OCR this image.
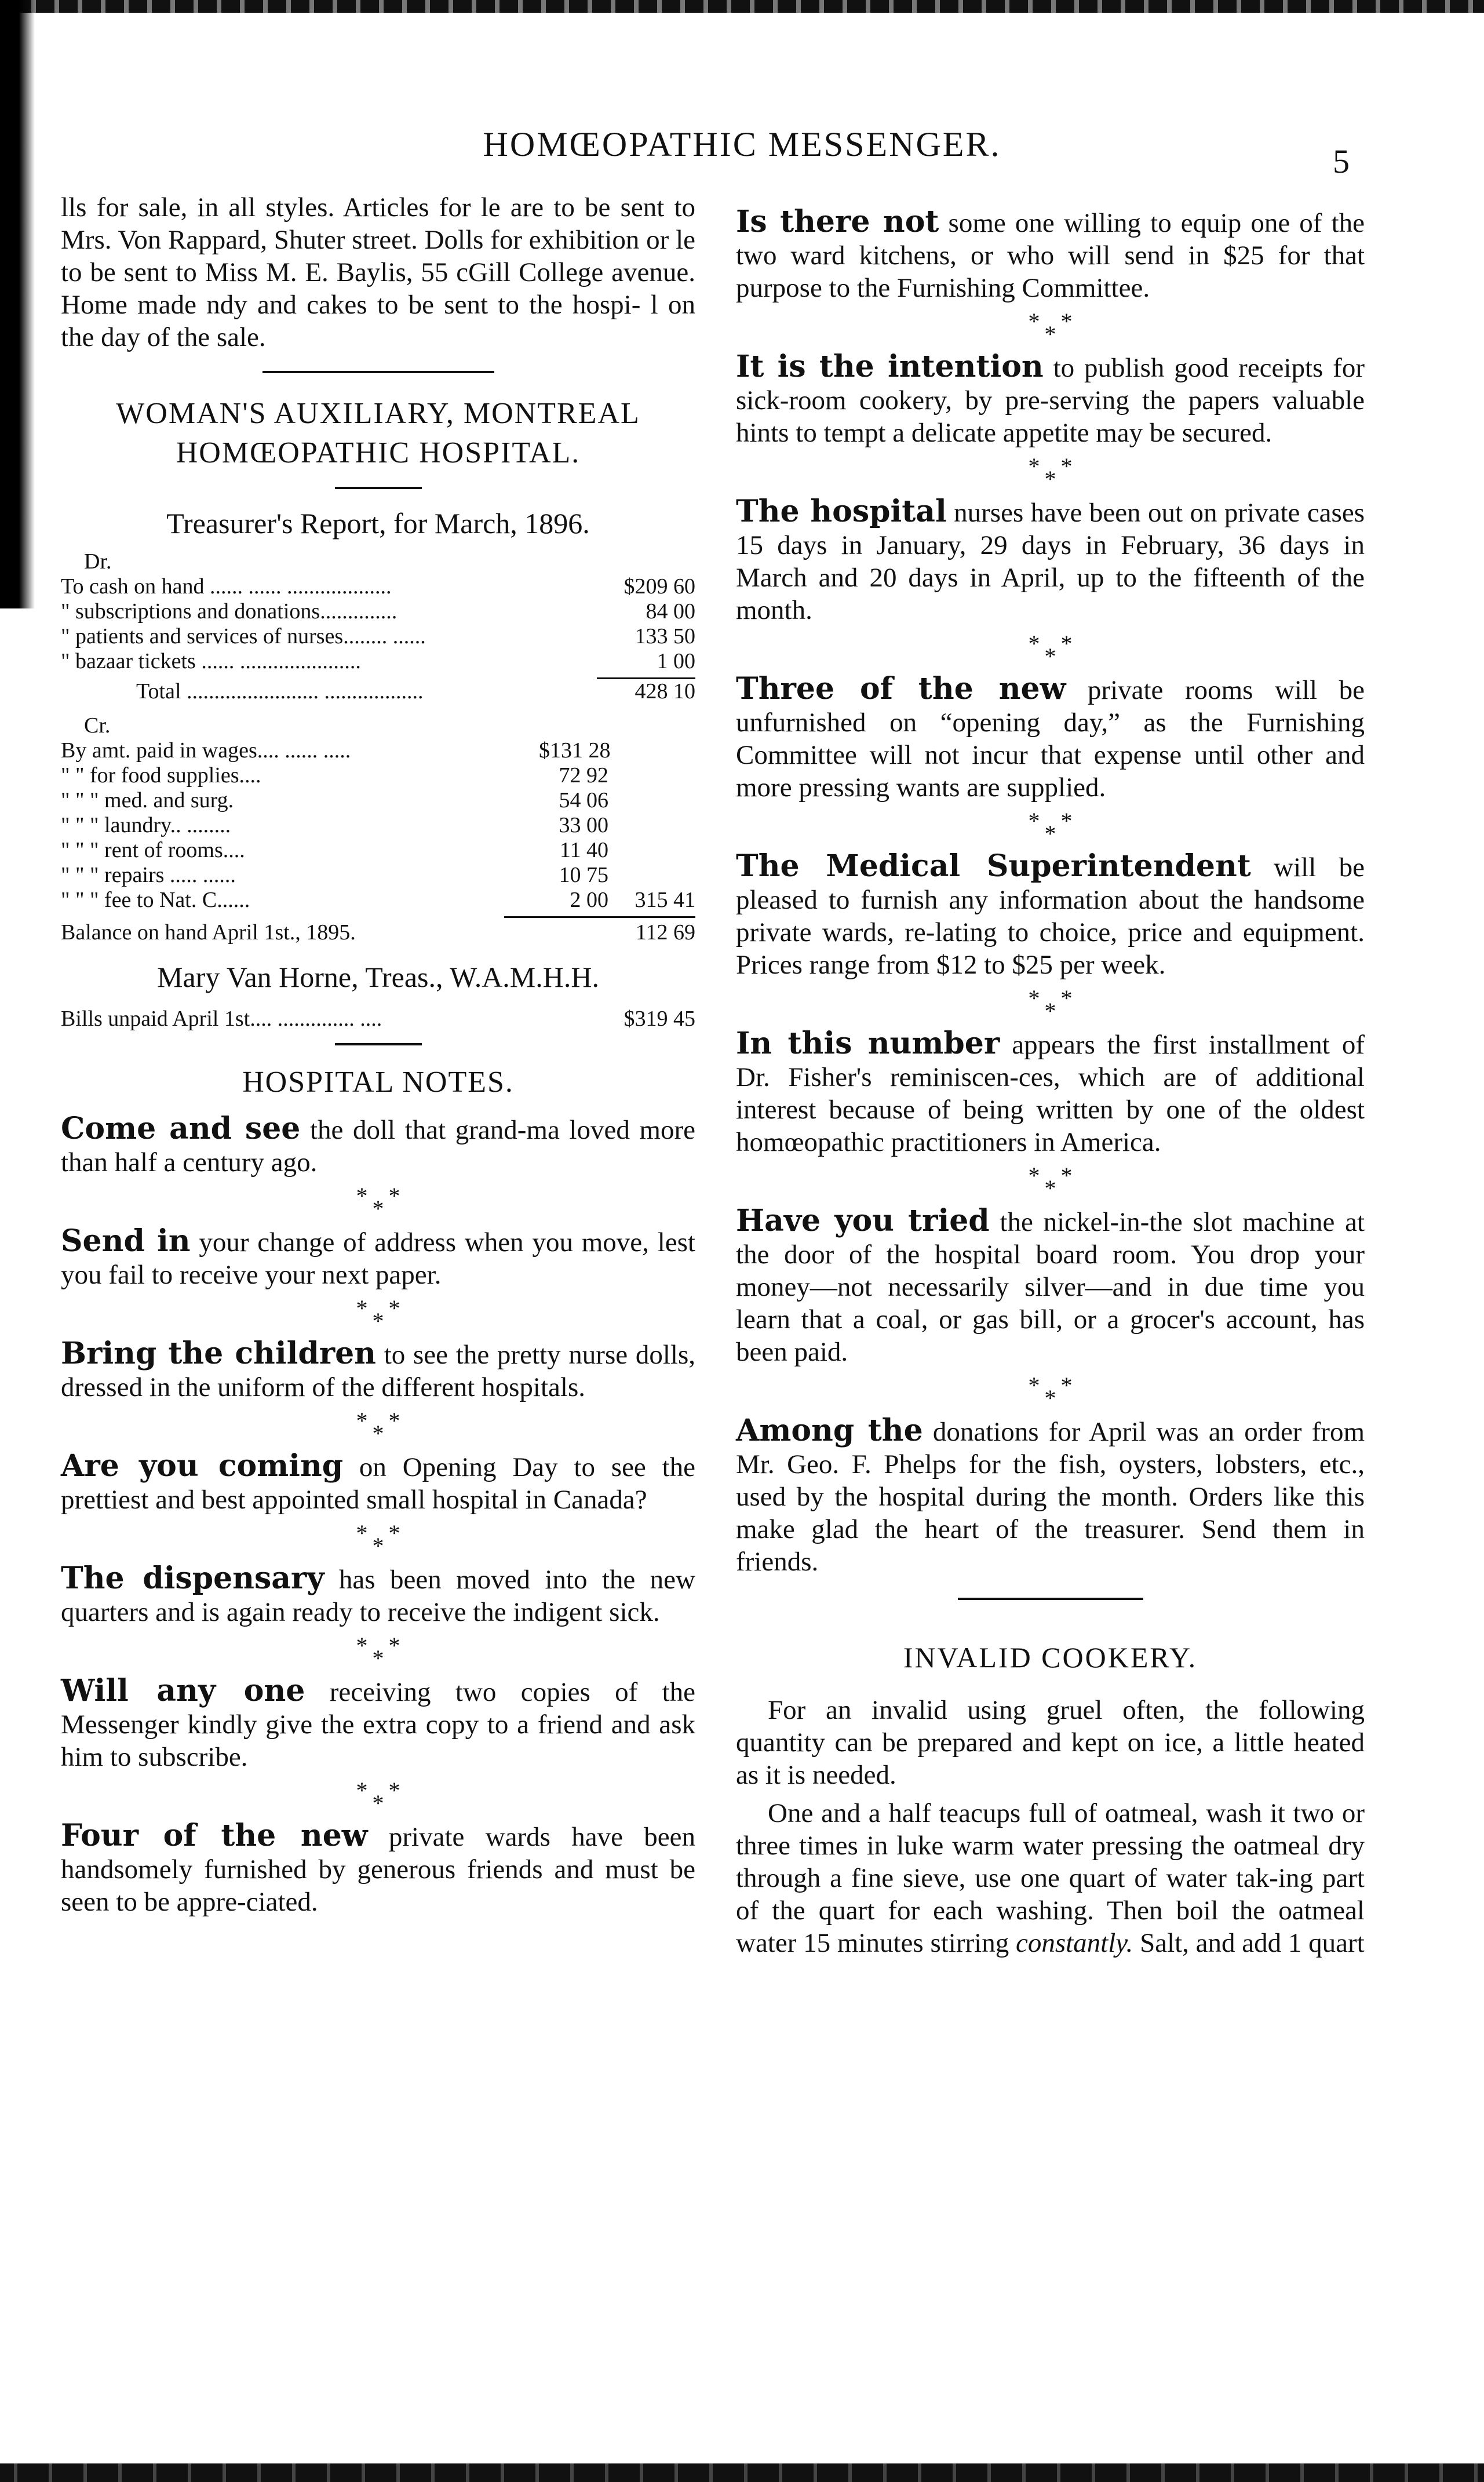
HOMŒOPATHIC MESSENGER.	5

lls for sale, in all styles. Articles for le are to be sent to Mrs. Von Rappard, Shuter street. Dolls for exhibition or le to be sent to Miss M. E. Baylis, 55 cGill College avenue. Home made ndy and cakes to be sent to the hospi- l on the day of the sale.

WOMAN'S AUXILIARY, MONTREAL

HOMŒOPATHIC HOSPITAL.

Treasurer's Report, for March, 1896.
Dr.
To cash on hand ...... ...... ...................	$209 60
" subscriptions and donations..............	84 00
" patients and services of nurses........ ......	133 50
" bazaar tickets ...... ......................	1 00
Total ........................ ..................	428 10
Cr.
By amt. paid in wages.... ...... .....	$131 28
" " for food supplies....	72 92
" " " med. and surg.	54 06
" " " laundry.. ........	33 00
" " " rent of rooms....	11 40
" " " repairs ..... ......	10 75
" " " fee to Nat. C......	2 00	315 41
Balance on hand April 1st., 1895.	112 69
Mary Van Horne, Treas., W.A.M.H.H.
Bills unpaid April 1st.... .............. ....	$319 45

HOSPITAL NOTES.

Come and see the doll that grand-ma loved more than half a century ago.

* * *

Send in your change of address when you move, lest you fail to receive your next paper.

* * *

Bring the children to see the pretty nurse dolls, dressed in the uniform of the different hospitals.

* * *

Are you coming on Opening Day to see the prettiest and best appointed small hospital in Canada?

* * *

The dispensary has been moved into the new quarters and is again ready to receive the indigent sick.

* * *

Will any one receiving two copies of the Messenger kindly give the extra copy to a friend and ask him to subscribe.

* * *

Four of the new private wards have been handsomely furnished by generous friends and must be seen to be appre-ciated.

Is there not some one willing to equip one of the two ward kitchens, or who will send in $25 for that purpose to the Furnishing Committee.

* * *

It is the intention to publish good receipts for sick-room cookery, by pre-serving the papers valuable hints to tempt a delicate appetite may be secured.

* * *

The hospital nurses have been out on private cases 15 days in January, 29 days in February, 36 days in March and 20 days in April, up to the fifteenth of the month.

* * *

Three of the new private rooms will be unfurnished on “opening day,” as the Furnishing Committee will not incur that expense until other and more pressing wants are supplied.

* * *

The Medical Superintendent will be pleased to furnish any information about the handsome private wards, re-lating to choice, price and equipment. Prices range from $12 to $25 per week.

* * *

In this number appears the first installment of Dr. Fisher's reminiscen-ces, which are of additional interest because of being written by one of the oldest homœopathic practitioners in America.

* * *

Have you tried the nickel-in-the slot machine at the door of the hospital board room. You drop your money—not necessarily silver—and in due time you learn that a coal, or gas bill, or a grocer's account, has been paid.

* * *

Among the donations for April was an order from Mr. Geo. F. Phelps for the fish, oysters, lobsters, etc., used by the hospital during the month. Orders like this make glad the heart of the treasurer. Send them in friends.

INVALID COOKERY.

For an invalid using gruel often, the following quantity can be prepared and kept on ice, a little heated as it is needed.

One and a half teacups full of oatmeal, wash it two or three times in luke warm water pressing the oatmeal dry through a fine sieve, use one quart of water tak-ing part of the quart for each washing. Then boil the oatmeal water 15 minutes stirring constantly. Salt, and add 1 quart
